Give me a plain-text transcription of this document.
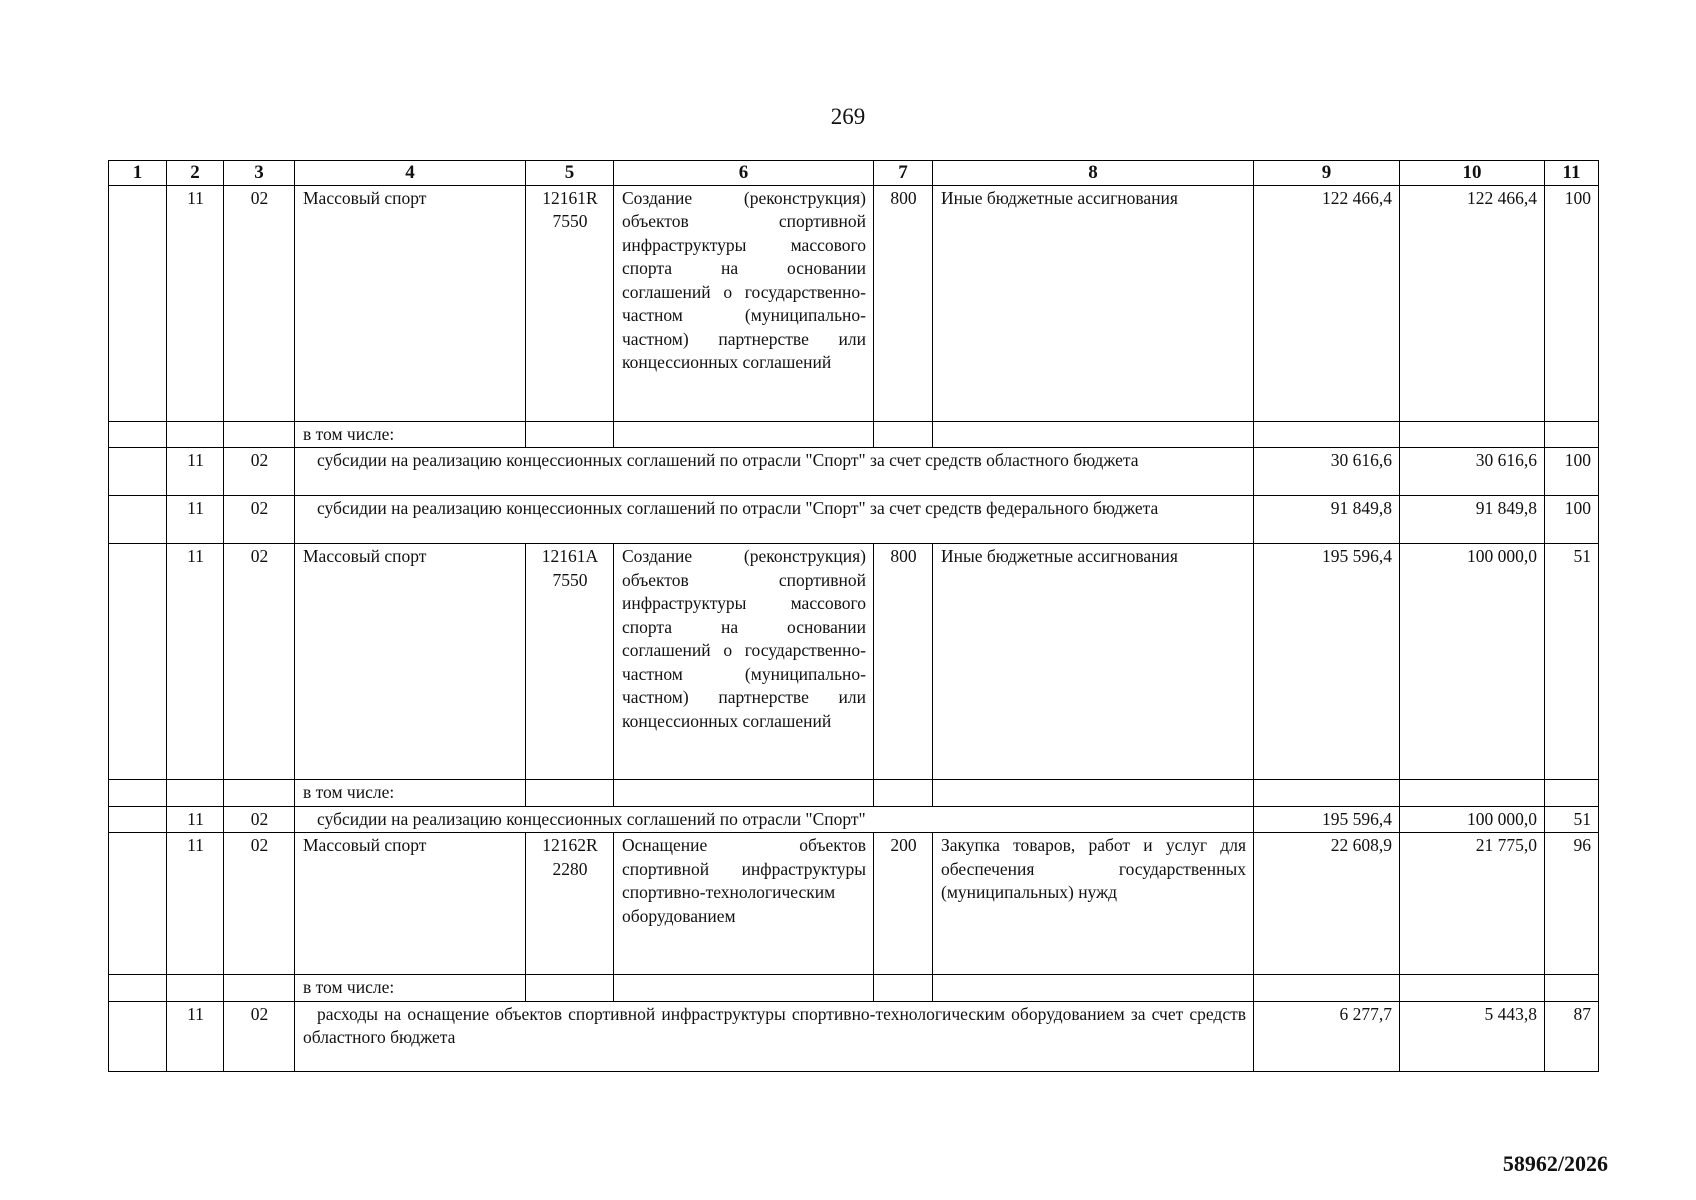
269
1	2	3	4	5	6	7	8	9	10	11
	11	02	Массовый спорт	12161R 7550	Создание (реконструкция) объектов спортивной инфраструктуры массового спорта на основании соглашений о государственно-частном (муниципально-частном) партнерстве или концессионных соглашений	800	Иные бюджетные ассигнования	122 466,4	122 466,4	100
			в том числе:							
	11	02	субсидии на реализацию концессионных соглашений по отрасли "Спорт" за счет средств областного бюджета					30 616,6	30 616,6	100
	11	02	субсидии на реализацию концессионных соглашений по отрасли "Спорт" за счет средств федерального бюджета					91 849,8	91 849,8	100
	11	02	Массовый спорт	12161A 7550	Создание (реконструкция) объектов спортивной инфраструктуры массового спорта на основании соглашений о государственно-частном (муниципально-частном) партнерстве или концессионных соглашений	800	Иные бюджетные ассигнования	195 596,4	100 000,0	51
			в том числе:							
	11	02	субсидии на реализацию концессионных соглашений по отрасли "Спорт"					195 596,4	100 000,0	51
	11	02	Массовый спорт	12162R 2280	Оснащение объектов спортивной инфраструктуры спортивно-технологическим оборудованием	200	Закупка товаров, работ и услуг для обеспечения государственных (муниципальных) нужд	22 608,9	21 775,0	96
			в том числе:							
	11	02	расходы на оснащение объектов спортивной инфраструктуры спортивно-технологическим оборудованием за счет средств областного бюджета					6 277,7	5 443,8	87
58962/2026
